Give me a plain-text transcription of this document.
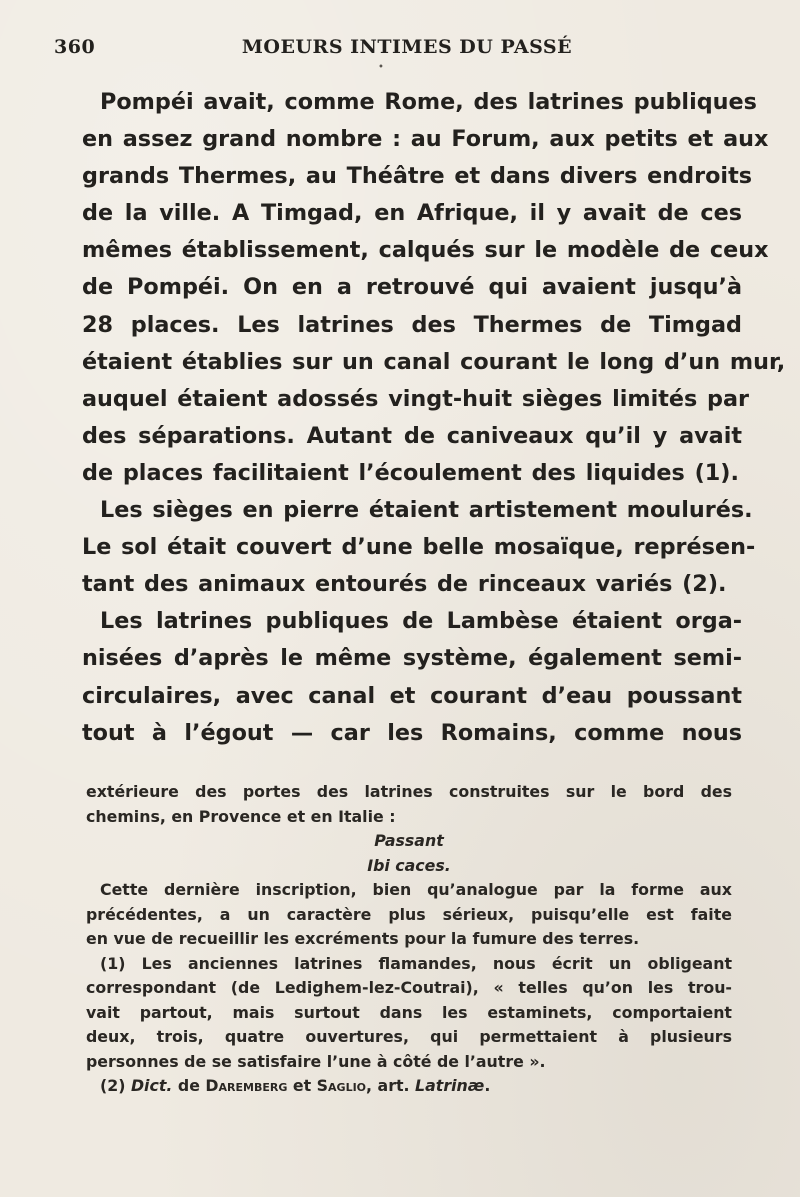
360	MOEURS INTIMES DU PASSÉ
•
Pompéi avait, comme Rome, des latrines publiques
en assez grand nombre : au Forum, aux petits et aux
grands Thermes, au Théâtre et dans divers endroits
de la ville. A Timgad, en Afrique, il y avait de ces
mêmes établissement, calqués sur le modèle de ceux
de Pompéi. On en a retrouvé qui avaient jusqu’à
28 places. Les latrines des Thermes de Timgad
étaient établies sur un canal courant le long d’un mur,
auquel étaient adossés vingt-huit sièges limités par
des séparations. Autant de caniveaux qu’il y avait
de places facilitaient l’écoulement des liquides (1).
Les sièges en pierre étaient artistement moulurés.
Le sol était couvert d’une belle mosaïque, représen-
tant des animaux entourés de rinceaux variés (2).
Les latrines publiques de Lambèse étaient orga-
nisées d’après le même système, également semi-
circulaires, avec canal et courant d’eau poussant
tout à l’égout — car les Romains, comme nous
extérieure des portes des latrines construites sur le bord des
chemins, en Provence et en Italie :
Passant
Ibi caces.
Cette dernière inscription, bien qu’analogue par la forme aux
précédentes, a un caractère plus sérieux, puisqu’elle est faite
en vue de recueillir les excréments pour la fumure des terres.
(1) Les anciennes latrines flamandes, nous écrit un obligeant
correspondant (de Ledighem-lez-Coutrai), « telles qu’on les trou-
vait partout, mais surtout dans les estaminets, comportaient
deux, trois, quatre ouvertures, qui permettaient à plusieurs
personnes de se satisfaire l’une à côté de l’autre ».
(2) Dict. de Daremberg et Saglio, art. Latrinæ.
